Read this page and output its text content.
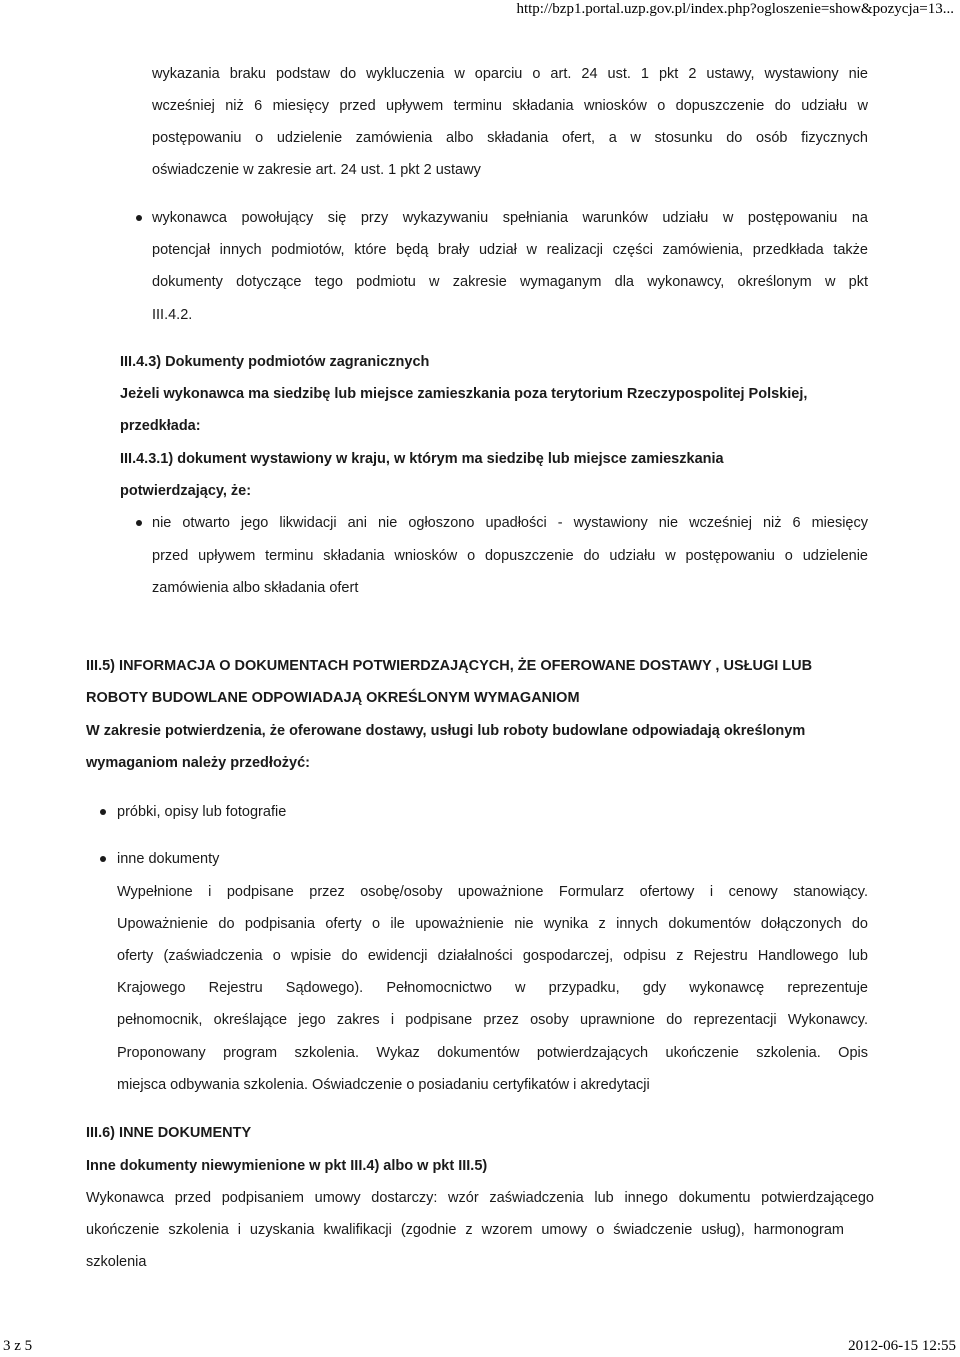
http://bzp1.portal.uzp.gov.pl/index.php?ogloszenie=show&pozycja=13...
wykazania braku podstaw do wykluczenia w oparciu o art. 24 ust. 1 pkt 2 ustawy, wystawiony nie
wcześniej niż 6 miesięcy przed upływem terminu składania wniosków o dopuszczenie do udziału w
postępowaniu o udzielenie zamówienia albo składania ofert, a w stosunku do osób fizycznych
oświadczenie w zakresie art. 24 ust. 1 pkt 2 ustawy
wykonawca powołujący się przy wykazywaniu spełniania warunków udziału w postępowaniu na
potencjał innych podmiotów, które będą brały udział w realizacji części zamówienia, przedkłada także
dokumenty dotyczące tego podmiotu w zakresie wymaganym dla wykonawcy, określonym w pkt
III.4.2.
III.4.3) Dokumenty podmiotów zagranicznych
Jeżeli wykonawca ma siedzibę lub miejsce zamieszkania poza terytorium Rzeczypospolitej Polskiej,
przedkłada:
III.4.3.1) dokument wystawiony w kraju, w którym ma siedzibę lub miejsce zamieszkania
potwierdzający, że:
nie otwarto jego likwidacji ani nie ogłoszono upadłości - wystawiony nie wcześniej niż 6 miesięcy
przed upływem terminu składania wniosków o dopuszczenie do udziału w postępowaniu o udzielenie
zamówienia albo składania ofert
III.5) INFORMACJA O DOKUMENTACH POTWIERDZAJĄCYCH, ŻE OFEROWANE DOSTAWY , USŁUGI LUB
ROBOTY BUDOWLANE ODPOWIADAJĄ OKREŚLONYM WYMAGANIOM
W zakresie potwierdzenia, że oferowane dostawy, usługi lub roboty budowlane odpowiadają określonym
wymaganiom należy przedłożyć:
próbki, opisy lub fotografie
inne dokumenty
Wypełnione i podpisane przez osobę/osoby upoważnione Formularz ofertowy i cenowy stanowiący.
Upoważnienie do podpisania oferty o ile upoważnienie nie wynika z innych dokumentów dołączonych do
oferty (zaświadczenia o wpisie do ewidencji działalności gospodarczej, odpisu z Rejestru Handlowego lub
Krajowego Rejestru Sądowego). Pełnomocnictwo w przypadku, gdy wykonawcę reprezentuje
pełnomocnik, określające jego zakres i podpisane przez osoby uprawnione do reprezentacji Wykonawcy.
Proponowany program szkolenia. Wykaz dokumentów potwierdzających ukończenie szkolenia. Opis
miejsca odbywania szkolenia. Oświadczenie o posiadaniu certyfikatów i akredytacji
III.6) INNE DOKUMENTY
Inne dokumenty niewymienione w pkt III.4) albo w pkt III.5)
Wykonawca przed podpisaniem umowy dostarczy: wzór zaświadczenia lub innego dokumentu potwierdzającego
ukończenie szkolenia i uzyskania kwalifikacji (zgodnie z wzorem umowy o świadczenie usług), harmonogram
szkolenia
3 z 5	2012-06-15 12:55
